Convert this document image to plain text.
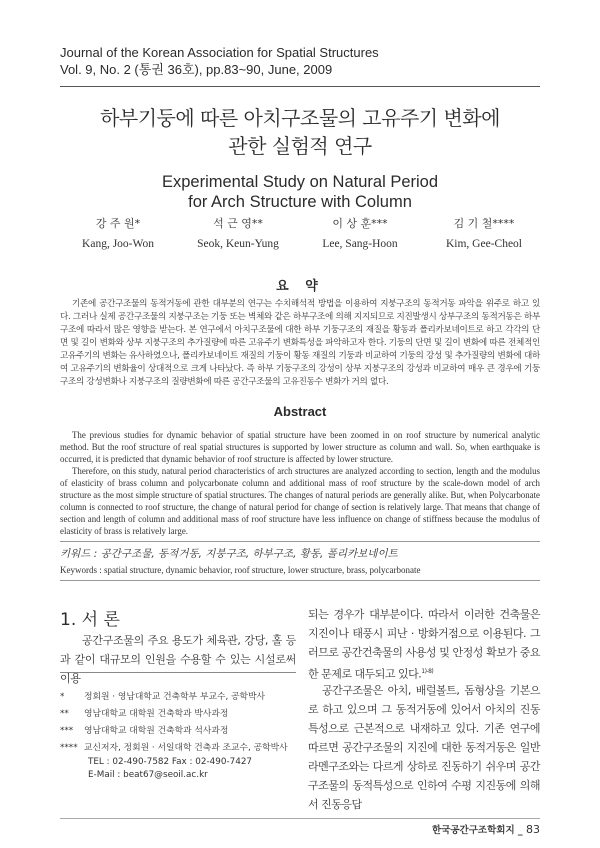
Journal of the Korean Association for Spatial Structures
Vol. 9, No. 2 (통권 36호), pp.83~90, June, 2009
하부기둥에 따른 아치구조물의 고유주기 변화에
관한 실험적 연구
Experimental Study on Natural Period
for Arch Structure with Column
강 주 원*
Kang, Joo-Won
석 근 영**
Seok, Keun-Yung
이 상 훈***
Lee, Sang-Hoon
김 기 철****
Kim, Gee-Cheol
요 약

기존에 공간구조물의 동적거동에 관한 대부분의 연구는 수치해석적 방법을 이용하여 지붕구조의 동적거동 파악을 위주로 하고 있다. 그러나 실제 공간구조물의 지붕구조는 기둥 또는 벽체와 같은 하부구조에 의해 지지되므로 지진발생시 상부구조의 동적거동은 하부구조에 따라서 많은 영향을 받는다. 본 연구에서 아치구조물에 대한 하부 기둥구조의 재질을 황동과 폴리카보네이트로 하고 각각의 단면 및 길이 변화와 상부 지붕구조의 추가질량에 따른 고유주기 변화특성을 파악하고자 한다. 기둥의 단면 및 길이 변화에 따른 전체적인 고유주기의 변화는 유사하였으나, 폴리카보네이트 재질의 기둥이 황동 재질의 기둥과 비교하여 기둥의 강성 및 추가질량의 변화에 대하여 고유주기의 변화율이 상대적으로 크게 나타났다. 즉 하부 기둥구조의 강성이 상부 지붕구조의 강성과 비교하여 매우 큰 경우에 기둥구조의 강성변화나 지붕구조의 질량변화에 따른 공간구조물의 고유진동수 변화가 거의 없다.

Abstract

The previous studies for dynamic behavior of spatial structure have been zoomed in on roof structure by numerical analytic method. But the roof structure of real spatial structures is supported by lower structure as column and wall. So, when earthquake is occurred, it is predicted that dynamic behavior of roof structure is affected by lower structure.

Therefore, on this study, natural period characteristics of arch structures are analyzed according to section, length and the modulus of elasticity of brass column and polycarbonate column and additional mass of roof structure by the scale-down model of arch structure as the most simple structure of spatial structures. The changes of natural periods are generally alike. But, when Polycarbonate column is connected to roof structure, the change of natural period for change of section is relatively large. That means that change of section and length of column and additional mass of roof structure have less influence on change of stiffness because the modulus of elasticity of brass is relatively large.

키워드 : 공간구조물, 동적거동, 지붕구조, 하부구조, 황동, 폴리카보네이트
Keywords : spatial structure, dynamic behavior, roof structure, lower structure, brass, polycarbonate
1. 서 론

공간구조물의 주요 용도가 체육관, 강당, 홀 등과 같이 대규모의 인원을 수용할 수 있는 시설로써 이용

* 정회원 · 영남대학교 건축학부 부교수, 공학박사
** 영남대학교 대학원 건축학과 박사과정
*** 영남대학교 대학원 건축학과 석사과정
**** 교신저자, 정회원 · 서일대학 건축과 조교수, 공학박사
TEL : 02-490-7582 Fax : 02-490-7427
E-Mail : beat67@seoil.ac.kr

되는 경우가 대부분이다. 따라서 이러한 건축물은 지진이나 태풍시 피난 · 방화거점으로 이용된다. 그러므로 공간건축물의 사용성 및 안정성 확보가 중요한 문제로 대두되고 있다.$^{1)-8)}$

공간구조물은 아치, 배럴볼트, 돔형상을 기본으로 하고 있으며 그 동적거동에 있어서 아치의 진동특성으로 근본적으로 내재하고 있다. 기존 연구에 따르면 공간구조물의 지진에 대한 동적거동은 일반 라멘구조와는 다르게 상하로 진동하기 쉬우며 공간구조물의 동적특성으로 인하여 수평 지진동에 의해서 진동응답

한국공간구조학회지 _ 83
